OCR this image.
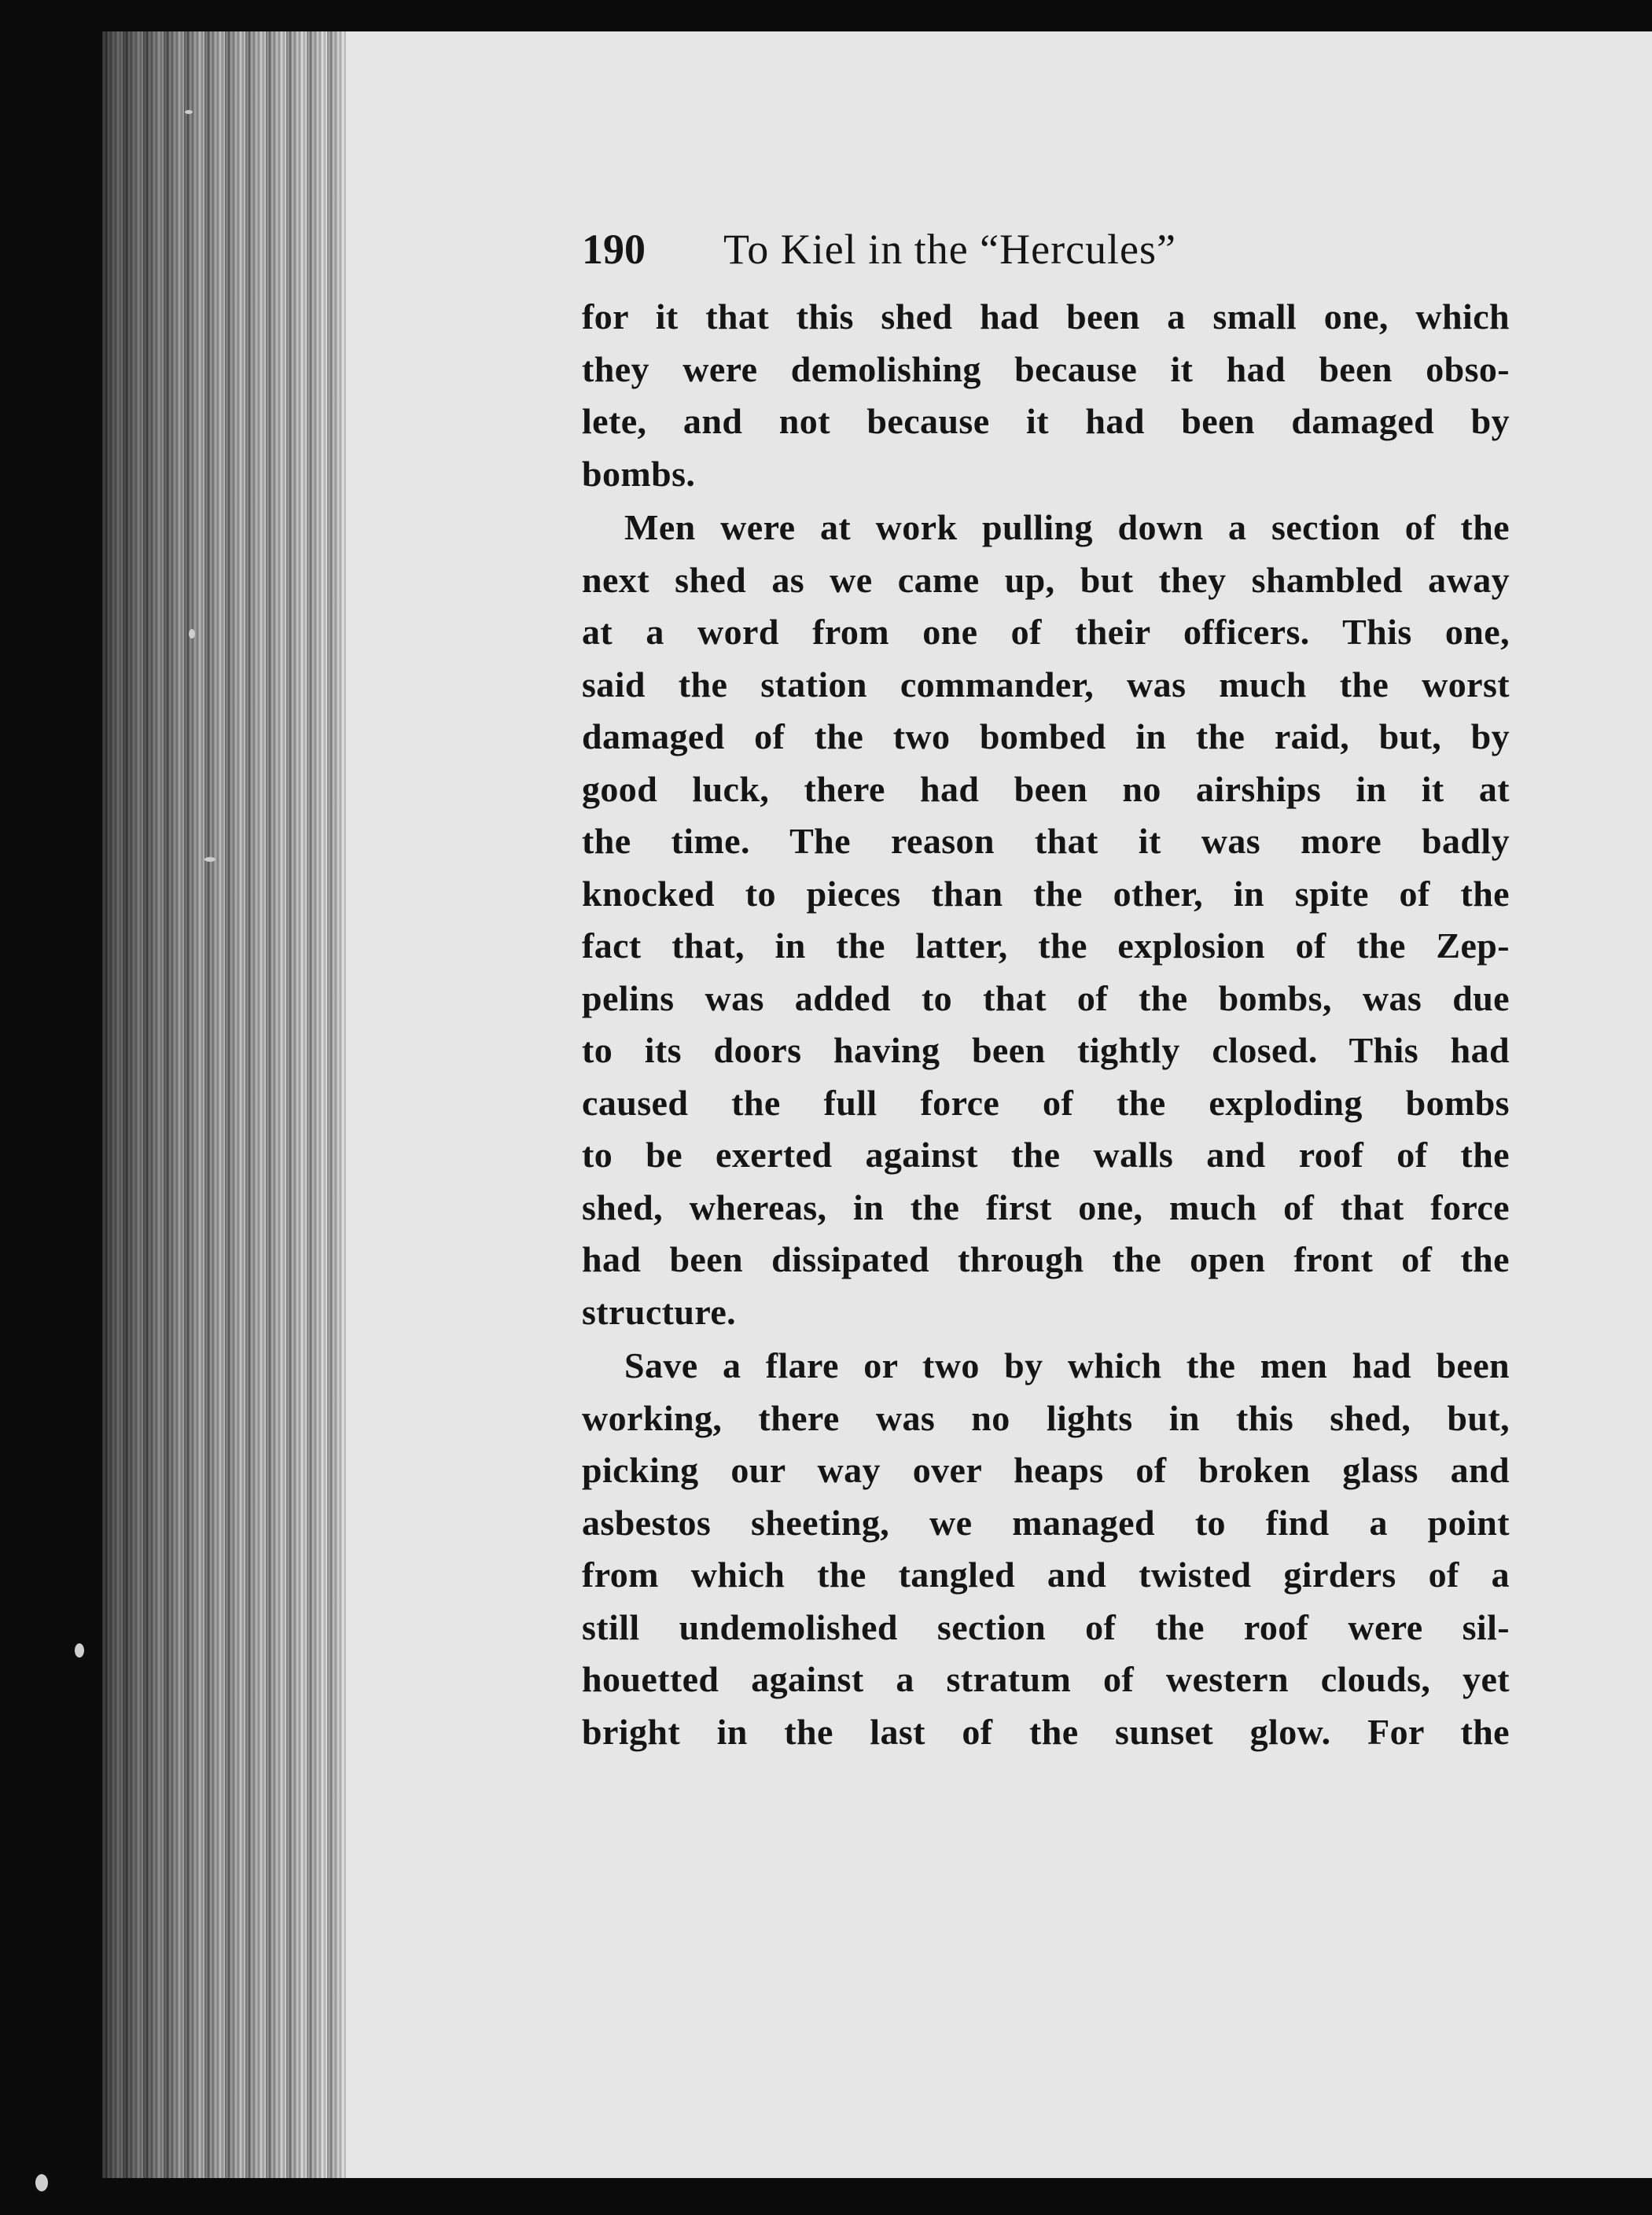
190	To Kiel in the “Hercules”

for it that this shed had been a small one, which
they were demolishing because it had been obso-
lete, and not because it had been damaged by
bombs.

Men were at work pulling down a section of the
next shed as we came up, but they shambled away
at a word from one of their officers. This one,
said the station commander, was much the worst
damaged of the two bombed in the raid, but, by
good luck, there had been no airships in it at
the time. The reason that it was more badly
knocked to pieces than the other, in spite of the
fact that, in the latter, the explosion of the Zep-
pelins was added to that of the bombs, was due
to its doors having been tightly closed. This had
caused the full force of the exploding bombs
to be exerted against the walls and roof of the
shed, whereas, in the first one, much of that force
had been dissipated through the open front of the
structure.

Save a flare or two by which the men had been
working, there was no lights in this shed, but,
picking our way over heaps of broken glass and
asbestos sheeting, we managed to find a point
from which the tangled and twisted girders of a
still undemolished section of the roof were sil-
houetted against a stratum of western clouds, yet
bright in the last of the sunset glow. For the
